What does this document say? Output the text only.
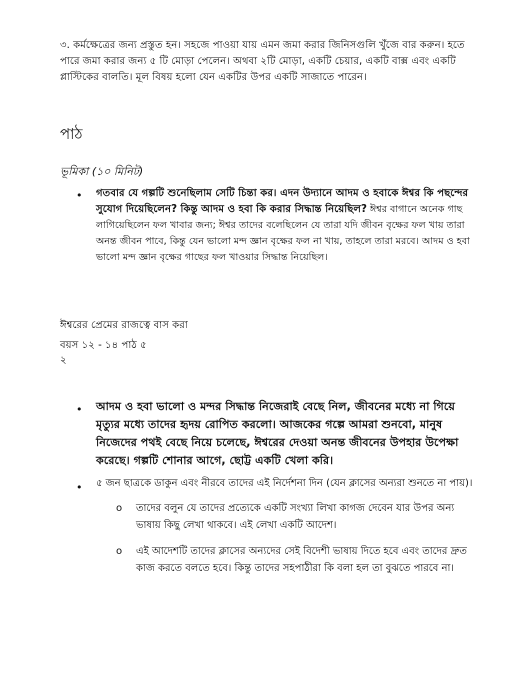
৩. কর্মক্ষেত্রের জন্য প্রস্তুত হন। সহজে পাওয়া যায় এমন জমা করার জিনিসগুলি খুঁজে বার করুন। হতে পারে জমা করার জন্য ৫ টি মোড়া পেলেন। অথবা ২টি মোড়া, একটি চেয়ার, একটি বাক্স এবং একটি প্লাস্টিকের বালতি। মূল বিষয় হলো যেন একটির উপর একটি সাজাতে পারেন।

পাঠ
ভূমিকা (১০ মিনিট)
• গতবার যে গল্পটি শুনেছিলাম সেটি চিন্তা কর। এদন উদ্যানে আদম ও হবাকে ঈশ্বর কি পছন্দের সুযোগ দিয়েছিলেন? কিন্তু আদম ও হবা কি করার সিদ্ধান্ত নিয়েছিল? ঈশ্বর বাগানে অনেক গাছ লাগিয়েছিলেন ফল খাবার জন্য; ঈশ্বর তাদের বলেছিলেন যে তারা যদি জীবন বৃক্ষের ফল খায় তারা অনন্ত জীবন পাবে, কিন্তু যেন ভালো মন্দ জ্ঞান বৃক্ষের ফল না খায়, তাহলে তারা মরবে। আদম ও হবা ভালো মন্দ জ্ঞান বৃক্ষের গাছের ফল খাওয়ার সিদ্ধান্ত নিয়েছিল।

ঈশ্বরের প্রেমের রাজত্বে বাস করা
বয়স ১২ - ১৪ পাঠ ৫
২
• আদম ও হবা ভালো ও মন্দর সিদ্ধান্ত নিজেরাই বেছে নিল, জীবনের মধ্যে না গিয়ে মৃত্যুর মধ্যে তাদের হৃদয় রোপিত করলো। আজকের গল্পে আমরা শুনবো, মানুষ নিজেদের পথই বেছে নিয়ে চলেছে, ঈশ্বরের দেওয়া অনন্ত জীবনের উপহার উপেক্ষা করেছে। গল্পটি শোনার আগে, ছোট্ট একটি খেলা করি।

• ৫ জন ছাত্রকে ডাকুন এবং নীরবে তাদের এই নির্দেশনা দিন (যেন ক্লাসের অন্যরা শুনতে না পায়)।

o তাদের বলুন যে তাদের প্রত্যেকে একটি সংখ্যা লিখা কাগজ দেবেন যার উপর অন্য ভাষায় কিছু লেখা থাকবে। এই লেখা একটি আদেশ।

o এই আদেশটি তাদের ক্লাসের অন্যদের সেই বিদেশী ভাষায় দিতে হবে এবং তাদের দ্রুত কাজ করতে বলতে হবে। কিন্তু তাদের সহপাঠীরা কি বলা হল তা বুঝতে পারবে না।
